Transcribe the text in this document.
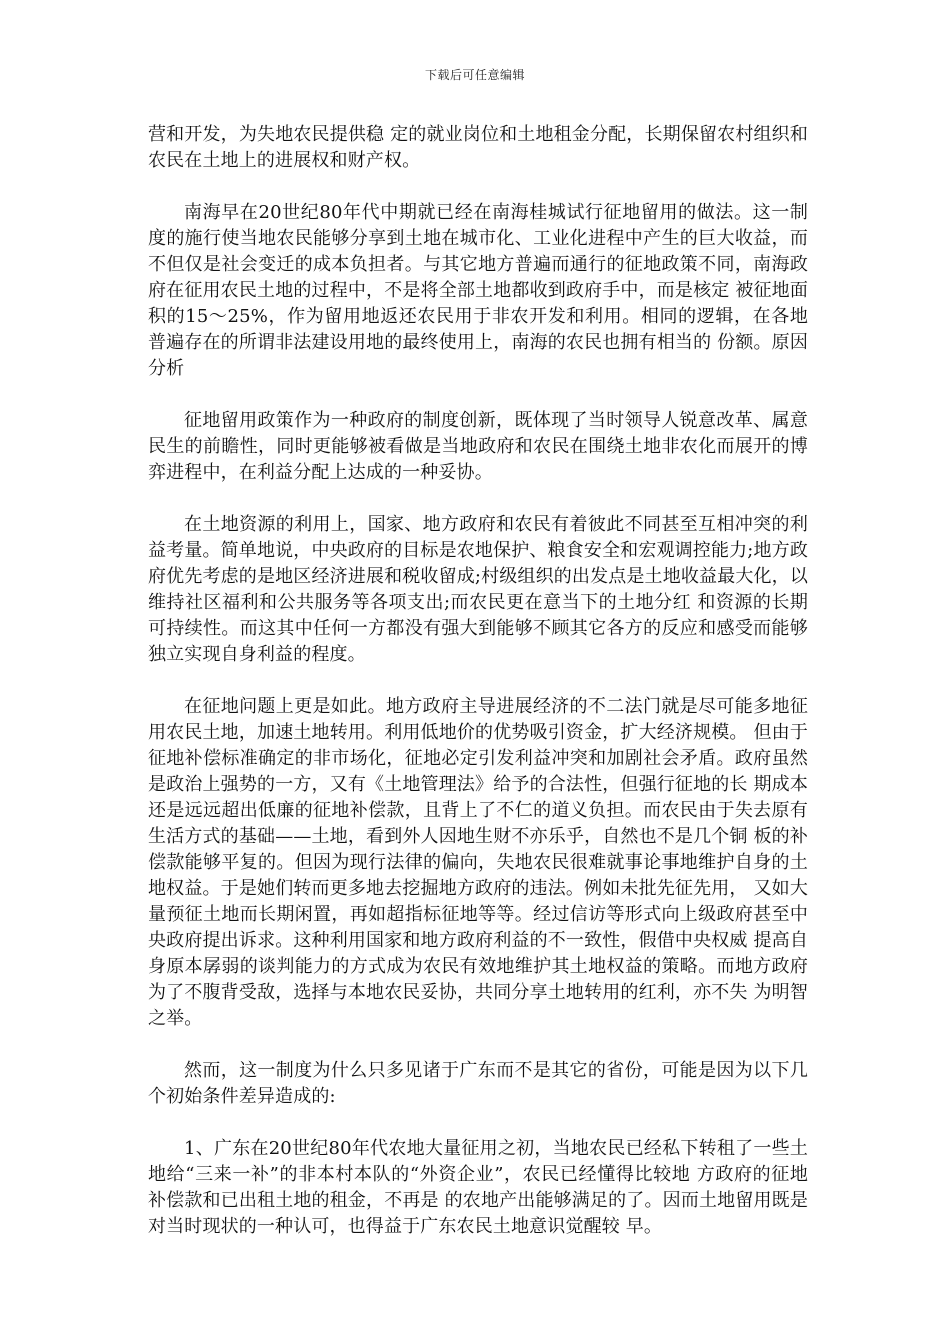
下载后可任意编辑

营和开发，为失地农民提供稳 定的就业岗位和土地租金分配，长期保留农村组织和农民在土地上的进展权和财产权。

南海早在20世纪80年代中期就已经在南海桂城试行征地留用的做法。这一制度的施行使当地农民能够分享到土地在城市化、工业化进程中产生的巨大收益，而不但仅是社会变迁的成本负担者。与其它地方普遍而通行的征地政策不同，南海政府在征用农民土地的过程中，不是将全部土地都收到政府手中，而是核定 被征地面积的15～25%，作为留用地返还农民用于非农开发和利用。相同的逻辑，在各地普遍存在的所谓非法建设用地的最终使用上，南海的农民也拥有相当的 份额。原因分析

征地留用政策作为一种政府的制度创新，既体现了当时领导人锐意改革、属意民生的前瞻性，同时更能够被看做是当地政府和农民在围绕土地非农化而展开的博弈进程中，在利益分配上达成的一种妥协。

在土地资源的利用上，国家、地方政府和农民有着彼此不同甚至互相冲突的利益考量。简单地说，中央政府的目标是农地保护、粮食安全和宏观调控能力;地方政府优先考虑的是地区经济进展和税收留成;村级组织的出发点是土地收益最大化，以维持社区福利和公共服务等各项支出;而农民更在意当下的土地分红 和资源的长期可持续性。而这其中任何一方都没有强大到能够不顾其它各方的反应和感受而能够独立实现自身利益的程度。

在征地问题上更是如此。地方政府主导进展经济的不二法门就是尽可能多地征用农民土地，加速土地转用。利用低地价的优势吸引资金，扩大经济规模。 但由于征地补偿标准确定的非市场化，征地必定引发利益冲突和加剧社会矛盾。政府虽然是政治上强势的一方，又有《土地管理法》给予的合法性，但强行征地的长 期成本还是远远超出低廉的征地补偿款，且背上了不仁的道义负担。而农民由于失去原有生活方式的基础——土地，看到外人因地生财不亦乐乎，自然也不是几个铜 板的补偿款能够平复的。但因为现行法律的偏向，失地农民很难就事论事地维护自身的土地权益。于是她们转而更多地去挖掘地方政府的违法。例如未批先征先用， 又如大量预征土地而长期闲置，再如超指标征地等等。经过信访等形式向上级政府甚至中央政府提出诉求。这种利用国家和地方政府利益的不一致性，假借中央权威 提高自身原本孱弱的谈判能力的方式成为农民有效地维护其土地权益的策略。而地方政府为了不腹背受敌，选择与本地农民妥协，共同分享土地转用的红利，亦不失 为明智之举。

然而，这一制度为什么只多见诸于广东而不是其它的省份，可能是因为以下几个初始条件差异造成的:

1、广东在20世纪80年代农地大量征用之初，当地农民已经私下转租了一些土地给“三来一补”的非本村本队的“外资企业”，农民已经懂得比较地 方政府的征地补偿款和已出租土地的租金，不再是 的农地产出能够满足的了。因而土地留用既是对当时现状的一种认可，也得益于广东农民土地意识觉醒较 早。
